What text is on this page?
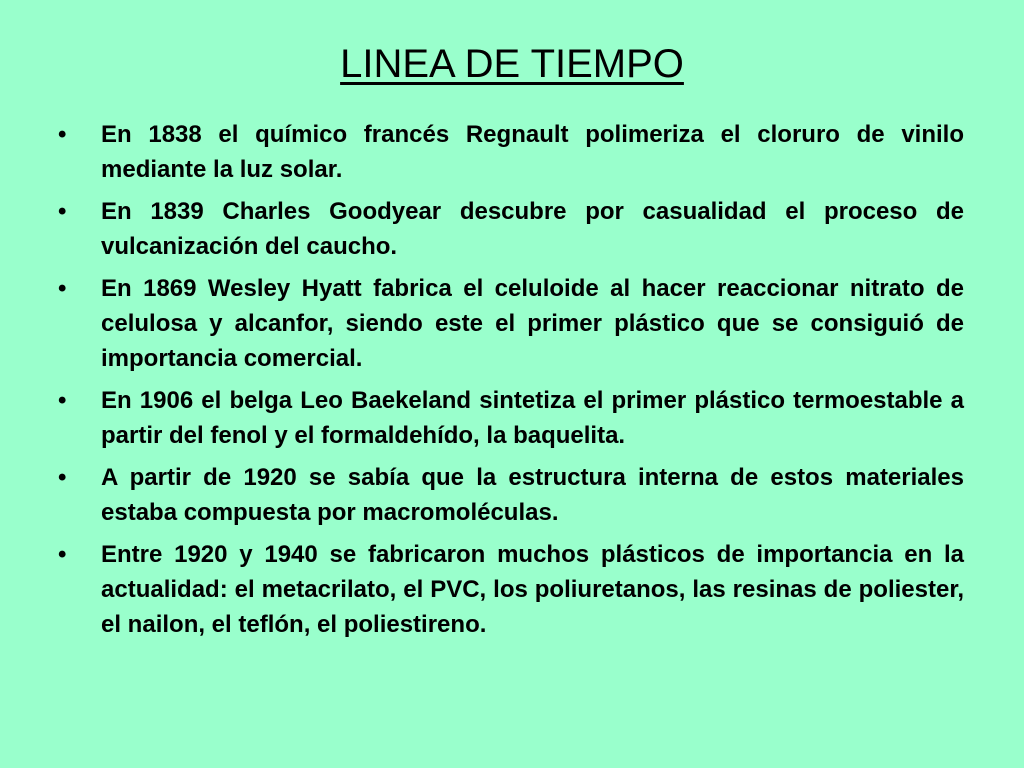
LINEA DE TIEMPO
• En 1838 el químico francés Regnault polimeriza el cloruro de vinilo mediante la luz solar.
• En 1839 Charles Goodyear descubre por casualidad el proceso de vulcanización del caucho.
• En 1869 Wesley Hyatt fabrica el celuloide al hacer reaccionar nitrato de celulosa y alcanfor, siendo este el primer plástico que se consiguió de importancia comercial.
• En 1906 el belga Leo Baekeland sintetiza el primer plástico termoestable a partir del fenol y el formaldehído, la baquelita.
• A partir de 1920 se sabía que la estructura interna de estos materiales estaba compuesta por macromoléculas.
• Entre 1920 y 1940 se fabricaron muchos plásticos de importancia en la actualidad: el metacrilato, el PVC, los poliuretanos, las resinas de poliester, el nailon, el teflón, el poliestireno.
